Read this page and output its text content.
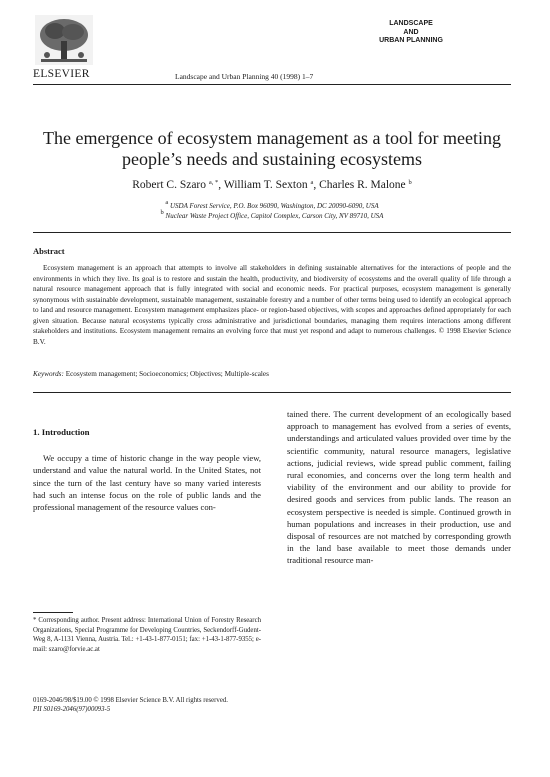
ELSEVIER	Landscape and Urban Planning 40 (1998) 1–7
LANDSCAPE
AND
URBAN PLANNING
The emergence of ecosystem management as a tool for meeting
people’s needs and sustaining ecosystems
Robert C. Szaro $^{a, *}$, William T. Sexton $^a$, Charles R. Malone $^b$
a USDA Forest Service, P.O. Box 96090, Washington, DC 20090-6090, USA
b Nuclear Waste Project Office, Capitol Complex, Carson City, NV 89710, USA
Abstract

Ecosystem management is an approach that attempts to involve all stakeholders in defining sustainable alternatives for the interactions of people and the environments in which they live. Its goal is to restore and sustain the health, productivity, and biodiversity of ecosystems and the overall quality of life through a natural resource management approach that is fully integrated with social and economic needs. For practical purposes, ecosystem management is generally synonymous with sustainable development, sustainable management, sustainable forestry and a number of other terms being used to identify an ecological approach to land and resource management. Ecosystem management emphasizes place- or region-based objectives, with scopes and approaches defined appropriately for each given situation. Because natural ecosystems typically cross administrative and jurisdictional boundaries, managing them requires interactions among different stakeholders and institutions. Ecosystem management remains an evolving force that must yet respond and adapt to numerous challenges. © 1998 Elsevier Science B.V.

Keywords: Ecosystem management; Socioeconomics; Objectives; Multiple-scales
1. Introduction

We occupy a time of historic change in the way people view, understand and value the natural world. In the United States, not since the turn of the last century have so many varied interests had such an intense focus on the role of public lands and the professional management of the resource values con-

tained there. The current development of an ecologically based approach to management has evolved from a series of events, understandings and articulated values provided over time by the scientific community, natural resource managers, legislative actions, judicial reviews, wide spread public comment, failing rural economies, and concerns over the long term health and viability of the environment and our ability to provide for desired goods and services from public lands. The reason an ecosystem perspective is needed is simple. Continued growth in human populations and increases in their production, use and disposal of resources are not matched by corresponding growth in the land base available to meet those demands under traditional resource man-

* Corresponding author. Present address: International Union of Forestry Research Organizations, Special Programme for Developing Countries, Seckendorff-Gudent-Weg 8, A-1131 Vienna, Austria. Tel.: +1-43-1-877-0151; fax: +1-43-1-877-9355; e-mail: szaro@forvie.ac.at
0169-2046/98/$19.00 © 1998 Elsevier Science B.V. All rights reserved.
PII S0169-2046(97)00093-5
